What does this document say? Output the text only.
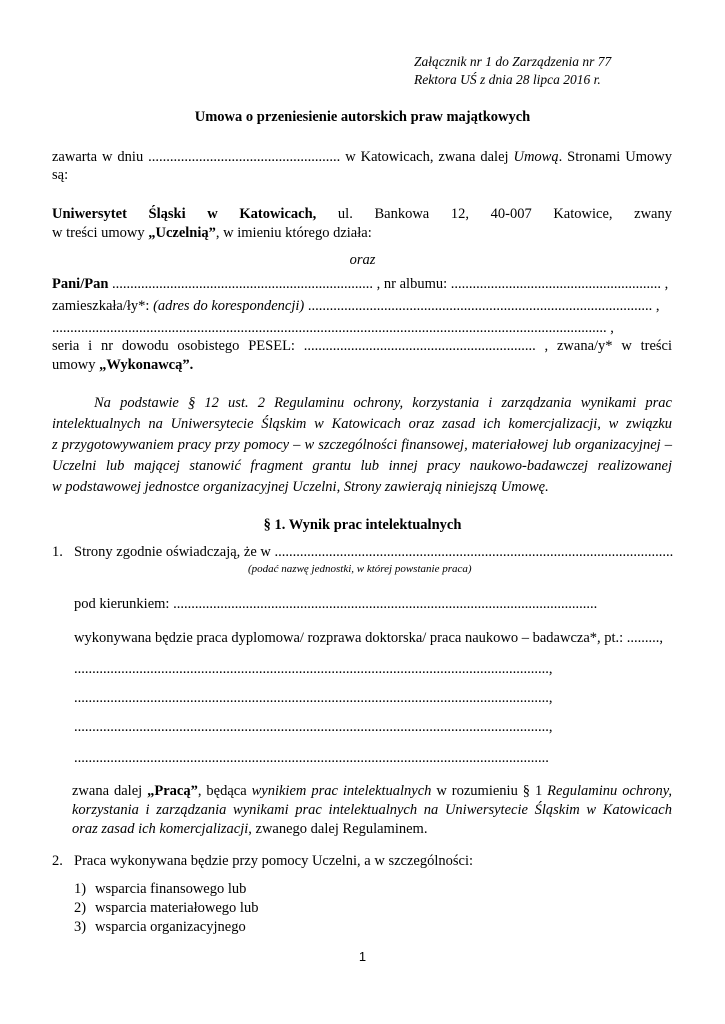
Załącznik nr 1 do Zarządzenia nr 77
Rektora UŚ z dnia 28 lipca 2016 r.
Umowa o przeniesienie autorskich praw majątkowych
zawarta w dniu ..................................................... w Katowicach, zwana dalej Umową. Stronami Umowy
są:
Uniwersytet Śląski w Katowicach, ul. Bankowa 12, 40-007 Katowice, zwany
w treści umowy „Uczelnią”, w imieniu którego działa:
oraz
Pani/Pan ........................................................................ , nr albumu: .......................................................... ,
zamieszkała/ły*: (adres do korespondencji) ............................................................................................... ,
......................................................................................................................................................... ,
seria i nr dowodu osobistego PESEL: ................................................................ , zwana/y* w treści
umowy „Wykonawcą”.
Na podstawie § 12 ust. 2 Regulaminu ochrony, korzystania i zarządzania wynikami prac
intelektualnych na Uniwersytecie Śląskim w Katowicach oraz zasad ich komercjalizacji, w związku
z przygotowywaniem pracy przy pomocy – w szczególności finansowej, materiałowej lub organizacyjnej –
Uczelni lub mającej stanowić fragment grantu lub innej pracy naukowo-badawczej realizowanej
w podstawowej jednostce organizacyjnej Uczelni, Strony zawierają niniejszą Umowę.
§ 1. Wynik prac intelektualnych
1. Strony zgodnie oświadczają, że w ..............................................................................................................
(podać nazwę jednostki, w której powstanie praca)
pod kierunkiem: .....................................................................................................................
wykonywana będzie praca dyplomowa/ rozprawa doktorska/ praca naukowo – badawcza*, pt.: .........,
...................................................................................................................................,
...................................................................................................................................,
...................................................................................................................................,
...................................................................................................................................
zwana dalej „Pracą”, będąca wynikiem prac intelektualnych w rozumieniu § 1 Regulaminu ochrony,
korzystania i zarządzania wynikami prac intelektualnych na Uniwersytecie Śląskim w Katowicach
oraz zasad ich komercjalizacji, zwanego dalej Regulaminem.
2. Praca wykonywana będzie przy pomocy Uczelni, a w szczególności:
1) wsparcia finansowego lub
2) wsparcia materiałowego lub
3) wsparcia organizacyjnego
1
